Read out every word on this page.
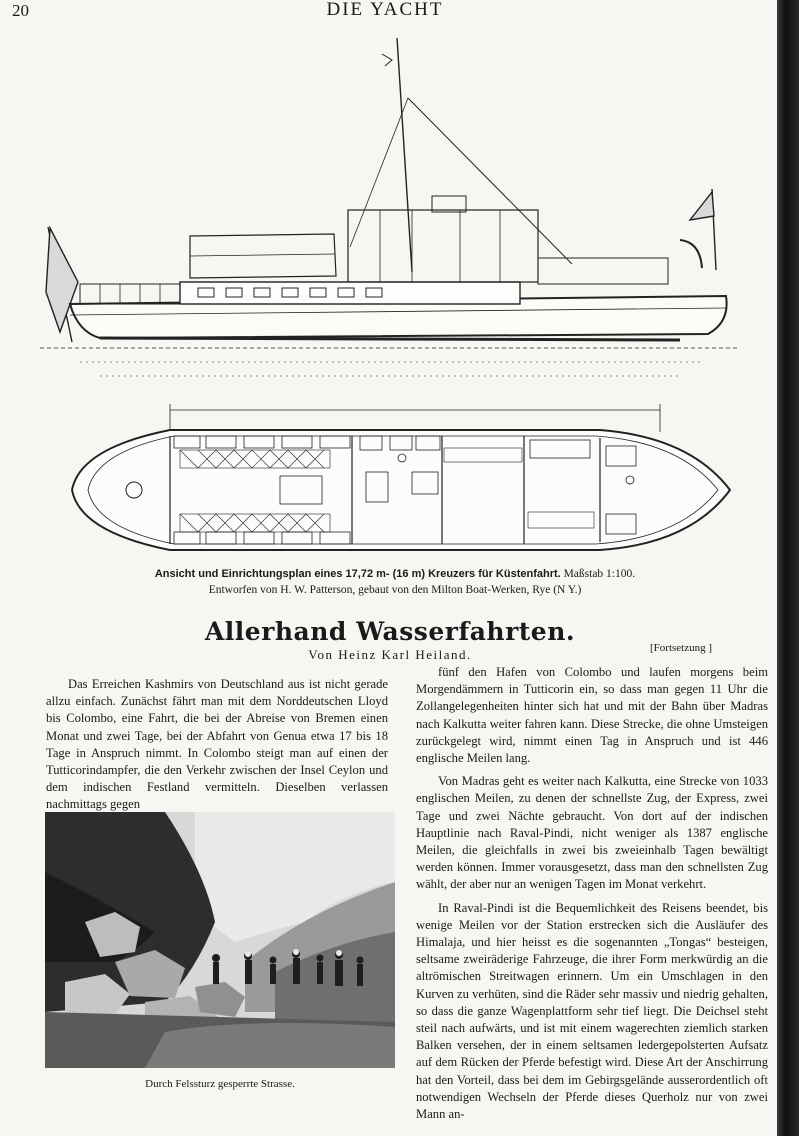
20	DIE YACHT
Ansicht und Einrichtungsplan eines 17,72 m- (16 m) Kreuzers für Küstenfahrt. Maßstab 1:100.
Entworfen von H. W. Patterson, gebaut von den Milton Boat-Werken, Rye (N Y.)
Allerhand Wasserfahrten.
Von Heinz Karl Heiland.	[Fortsetzung ]

Das Erreichen Kashmirs von Deutschland aus ist nicht gerade allzu einfach. Zunächst fährt man mit dem Norddeutschen Lloyd bis Colombo, eine Fahrt, die bei der Abreise von Bremen einen Monat und zwei Tage, bei der Abfahrt von Genua etwa 17 bis 18 Tage in Anspruch nimmt. In Colombo steigt man auf einen der Tutticorindampfer, die den Verkehr zwischen der Insel Ceylon und dem indischen Festland vermitteln. Dieselben verlassen nachmittags gegen

fünf den Hafen von Colombo und laufen morgens beim Morgendämmern in Tutticorin ein, so dass man gegen 11 Uhr die Zollangelegenheiten hinter sich hat und mit der Bahn über Madras nach Kalkutta weiter fahren kann. Diese Strecke, die ohne Umsteigen zurückgelegt wird, nimmt einen Tag in Anspruch und ist 446 englische Meilen lang.

Von Madras geht es weiter nach Kalkutta, eine Strecke von 1033 englischen Meilen, zu denen der schnellste Zug, der Express, zwei Tage und zwei Nächte gebraucht. Von dort auf der indischen Hauptlinie nach Raval-Pindi, nicht weniger als 1387 englische Meilen, die gleichfalls in zwei bis zweieinhalb Tagen bewältigt werden können. Immer vorausgesetzt, dass man den schnellsten Zug wählt, der aber nur an wenigen Tagen im Monat verkehrt.

In Raval-Pindi ist die Bequemlichkeit des Reisens beendet, bis wenige Meilen vor der Station erstrecken sich die Ausläufer des Himalaja, und hier heisst es die sogenannten „Tongas“ besteigen, seltsame zweiräderige Fahrzeuge, die ihrer Form merkwürdig an die altrömischen Streitwagen erinnern. Um ein Umschlagen in den Kurven zu verhüten, sind die Räder sehr massiv und niedrig gehalten, so dass die ganze Wagenplattform sehr tief liegt. Die Deichsel steht steil nach aufwärts, und ist mit einem wagerechten ziemlich starken Balken versehen, der in einem seltsamen ledergepolsterten Aufsatz auf dem Rücken der Pferde befestigt wird. Diese Art der Anschirrung hat den Vorteil, dass bei dem im Gebirgsgelände ausserordentlich oft notwendigen Wechseln der Pferde dieses Querholz nur von zwei Mann an-

Durch Felssturz gesperrte Strasse.
